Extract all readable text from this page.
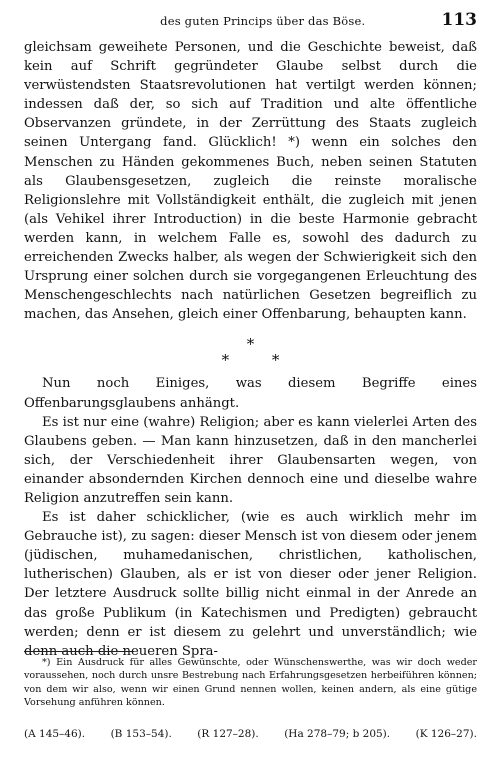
des guten Princips über das Böse.	113

gleichsam geweihete Personen, und die Geschichte beweist, daß kein auf Schrift gegründeter Glaube selbst durch die verwüstendsten Staatsrevolutionen hat vertilgt werden können; indessen daß der, so sich auf Tradition und alte öffentliche Observanzen gründete, in der Zerrüttung des Staats zugleich seinen Untergang fand. Glücklich! *) wenn ein solches den Menschen zu Händen gekommenes Buch, neben seinen Statuten als Glaubensgesetzen, zugleich die reinste moralische Religionslehre mit Vollständigkeit enthält, die zugleich mit jenen (als Vehikel ihrer Introduction) in die beste Harmonie gebracht werden kann, in welchem Falle es, sowohl des dadurch zu erreichenden Zwecks halber, als wegen der Schwierigkeit sich den Ursprung einer solchen durch sie vorgegangenen Erleuchtung des Menschengeschlechts nach natürlichen Gesetzen begreiflich zu machen, das Ansehen, gleich einer Offenbarung, behaupten kann.

*
* *

Nun noch Einiges, was diesem Begriffe eines Offenbarungsglaubens anhängt.

Es ist nur eine (wahre) Religion; aber es kann vielerlei Arten des Glaubens geben. — Man kann hinzusetzen, daß in den mancherlei sich, der Verschiedenheit ihrer Glaubensarten wegen, von einander absondernden Kirchen dennoch eine und dieselbe wahre Religion anzutreffen sein kann.

Es ist daher schicklicher, (wie es auch wirklich mehr im Gebrauche ist), zu sagen: dieser Mensch ist von diesem oder jenem (jüdischen, muhamedanischen, christlichen, katholischen, lutherischen) Glauben, als er ist von dieser oder jener Religion. Der letztere Ausdruck sollte billig nicht einmal in der Anrede an das große Publikum (in Katechismen und Predigten) gebraucht werden; denn er ist diesem zu gelehrt und unverständlich; wie denn auch die neueren Spra-

*) Ein Ausdruck für alles Gewünschte, oder Wünschenswerthe, was wir doch weder voraussehen, noch durch unsre Bestrebung nach Erfahrungsgesetzen herbeiführen können; von dem wir also, wenn wir einen Grund nennen wollen, keinen andern, als eine gütige Vorsehung anführen können.

(A 145–46). (B 153–54). (R 127–28). (Ha 278–79; b 205). (K 126–27).
